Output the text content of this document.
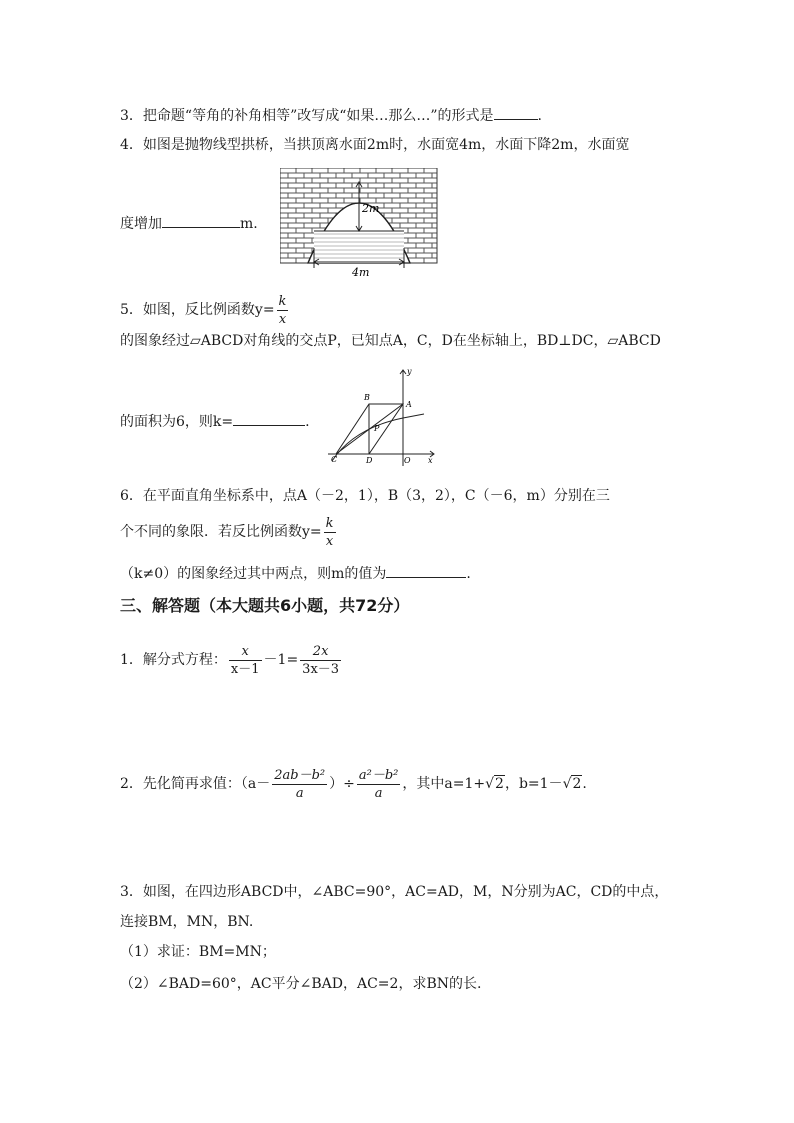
3．把命题“等角的补角相等”改写成“如果…那么…”的形式是	.
4．如图是抛物线型拱桥，当拱顶离水面2m时，水面宽4m，水面下降2m，水面宽
2m
4m
度增加	m.
5．如图，反比例函数$y= \frac{k}{x}$
的图象经过▱ABCD对角线的交点P，已知点A，C，D在坐标轴上，BD⊥DC，▱ABCD
y
x
A
B
C	D	O
P
的面积为6，则k=	.
6．在平面直角坐标系中，点A（－2，1），B（3，2），C（－6，m）分别在三
个不同的象限．若反比例函数$y= \frac{k}{x}$
（k≠0）的图象经过其中两点，则m的值为	.
三、解答题（本大题共6小题，共72分）
1．解分式方程： $\frac{x}{x-1} -1= \frac{2x}{3x-3}$
2．先化简再求值：（$a- \frac{\text{2ab－b²}}{a}$ ）÷ $\frac{\text{a²－b²}}{a}$ ，其中a=1+√2，b=1－√2.
3．如图，在四边形ABCD中，∠ABC=90°，AC=AD，M，N分别为AC，CD的中点，
连接BM，MN，BN.
（1）求证：BM=MN；
（2）∠BAD=60°，AC平分∠BAD，AC=2，求BN的长.
